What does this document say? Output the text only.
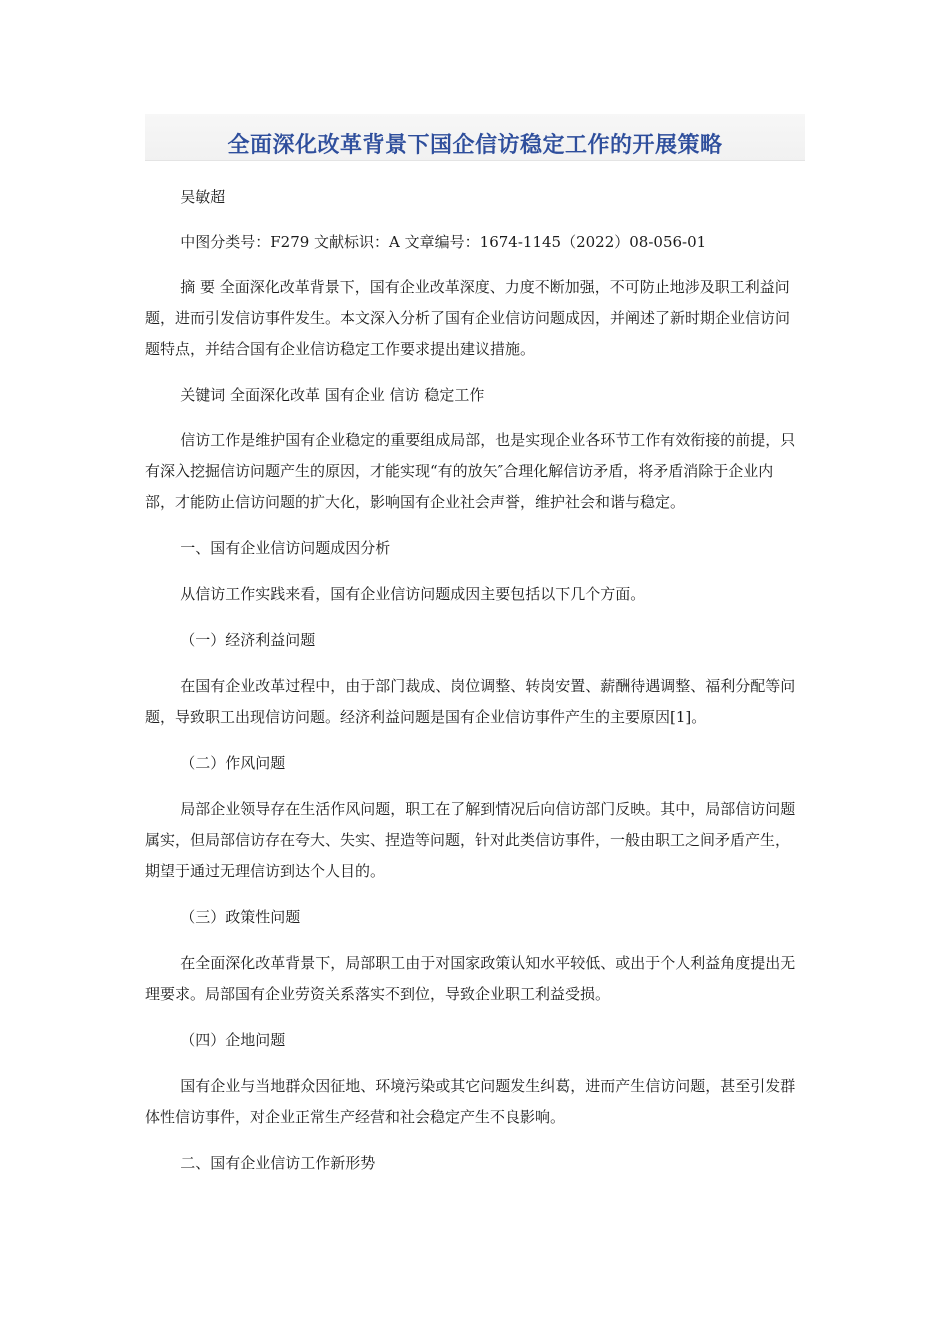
全面深化改革背景下国企信访稳定工作的开展策略

吴敏超

中图分类号：F279 文献标识：A 文章编号：1674-1145（2022）08-056-01

摘 要 全面深化改革背景下，国有企业改革深度、力度不断加强，不可防止地涉及职工利益问题，进而引发信访事件发生。本文深入分析了国有企业信访问题成因，并阐述了新时期企业信访问题特点，并结合国有企业信访稳定工作要求提出建议措施。

关键词 全面深化改革 国有企业 信访 稳定工作

信访工作是维护国有企业稳定的重要组成局部，也是实现企业各环节工作有效衔接的前提，只有深入挖掘信访问题产生的原因，才能实现“有的放矢″合理化解信访矛盾，将矛盾消除于企业内部，才能防止信访问题的扩大化，影响国有企业社会声誉，维护社会和谐与稳定。

一、国有企业信访问题成因分析

从信访工作实践来看，国有企业信访问题成因主要包括以下几个方面。

（一）经济利益问题

在国有企业改革过程中，由于部门裁成、岗位调整、转岗安置、薪酬待遇调整、福利分配等问题，导致职工出现信访问题。经济利益问题是国有企业信访事件产生的主要原因[1]。

（二）作风问题

局部企业领导存在生活作风问题，职工在了解到情况后向信访部门反映。其中，局部信访问题属实，但局部信访存在夸大、失实、捏造等问题，针对此类信访事件，一般由职工之间矛盾产生，期望于通过无理信访到达个人目的。

（三）政策性问题

在全面深化改革背景下，局部职工由于对国家政策认知水平较低、或出于个人利益角度提出无理要求。局部国有企业劳资关系落实不到位，导致企业职工利益受损。

（四）企地问题

国有企业与当地群众因征地、环境污染或其它问题发生纠葛，进而产生信访问题，甚至引发群体性信访事件，对企业正常生产经营和社会稳定产生不良影响。

二、国有企业信访工作新形势
